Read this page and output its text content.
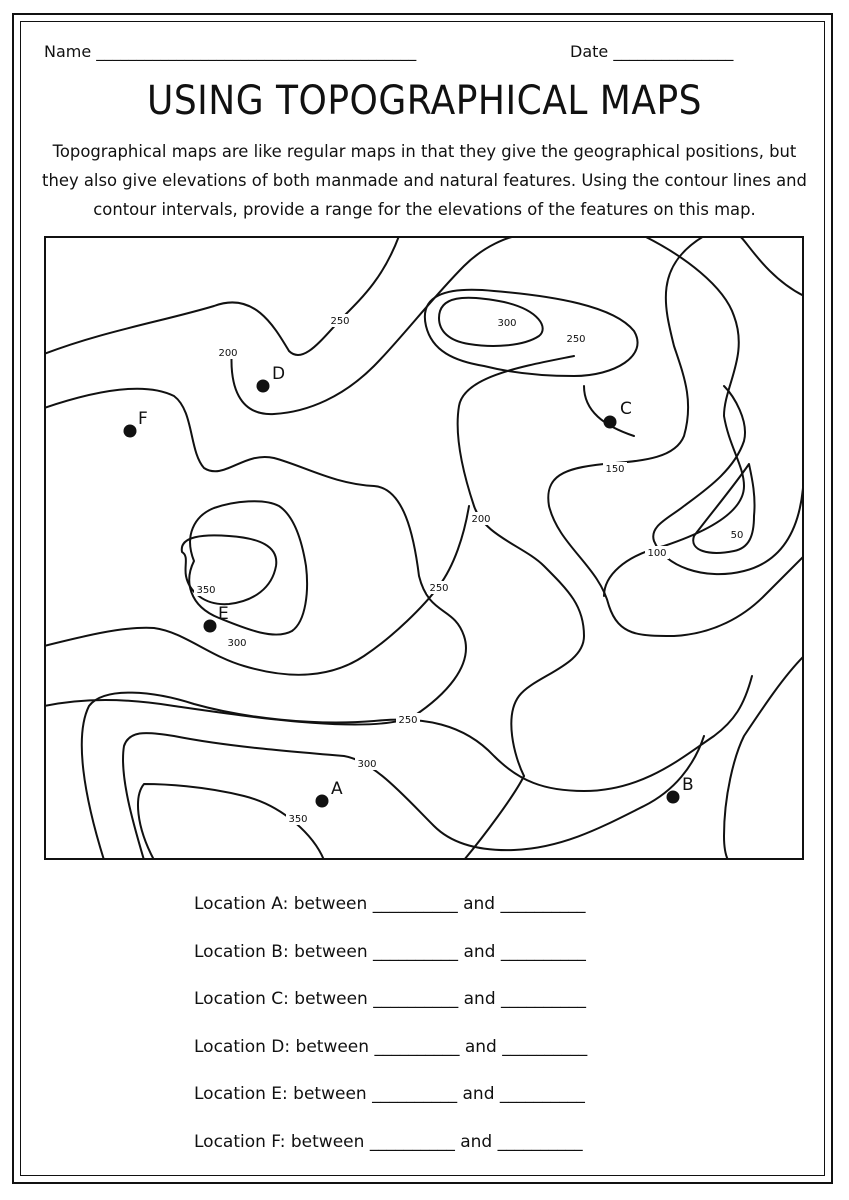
Name ________________________________________	Date _______________
USING TOPOGRAPHICAL MAPS
Topographical maps are like regular maps in that they give the geographical positions, but they also give elevations of both manmade and natural features. Using the contour lines and contour intervals, provide a range for the elevations of the features on this map.
250
200
300
250
150
200
100
50
350
300
250
250
300
350
A	B
C
D
E
F
Location A: between __________ and __________
Location B: between __________ and __________
Location C: between __________ and __________
Location D: between __________ and __________
Location E: between __________ and __________
Location F: between __________ and __________
